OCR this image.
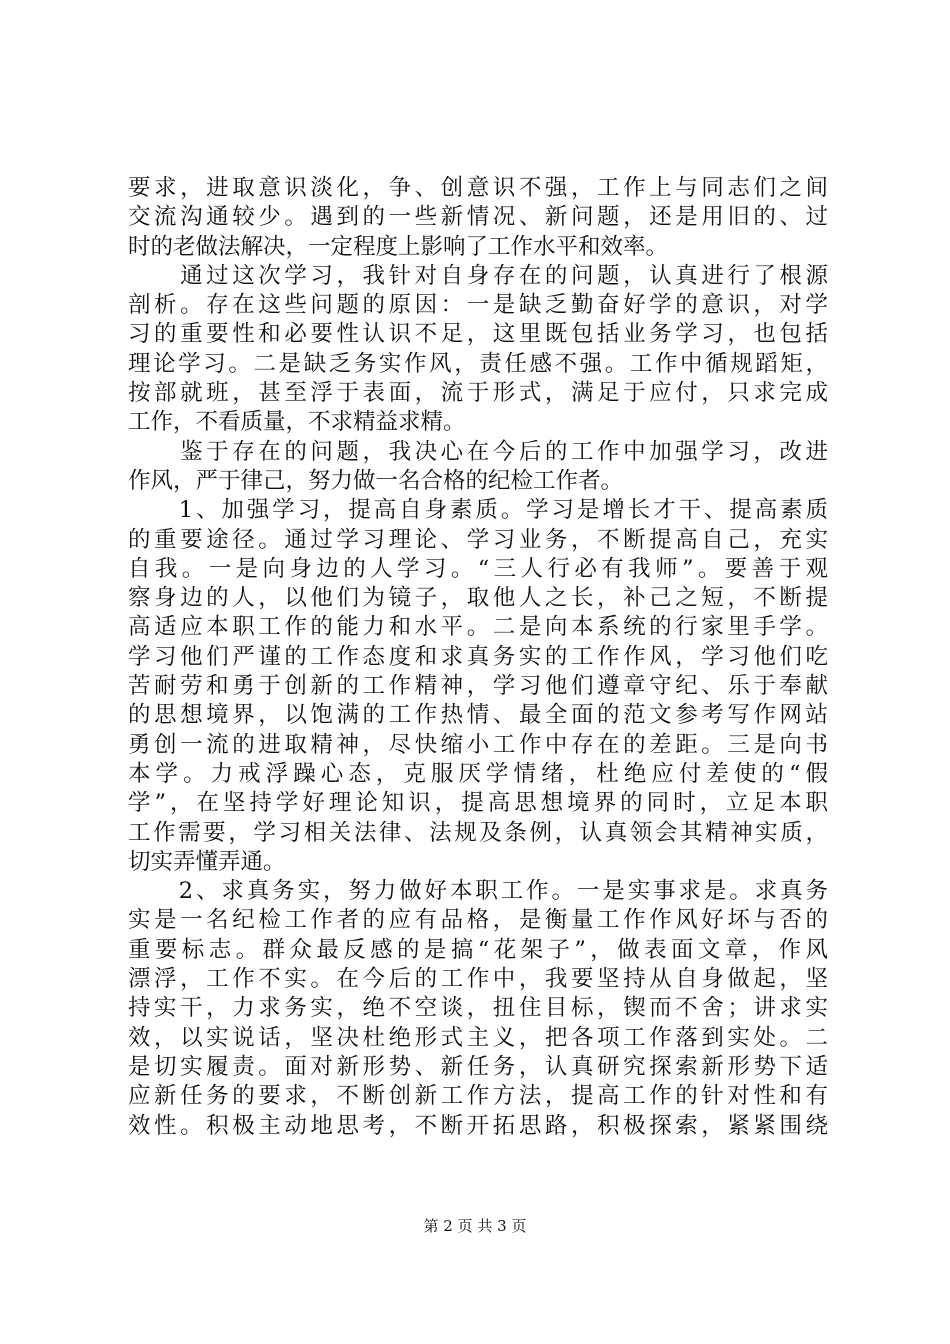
要求，进取意识淡化，争、创意识不强，工作上与同志们之间
交流沟通较少。遇到的一些新情况、新问题，还是用旧的、过
时的老做法解决，一定程度上影响了工作水平和效率。
　　通过这次学习，我针对自身存在的问题，认真进行了根源
剖析。存在这些问题的原因：一是缺乏勤奋好学的意识，对学
习的重要性和必要性认识不足，这里既包括业务学习，也包括
理论学习。二是缺乏务实作风，责任感不强。工作中循规蹈矩，
按部就班，甚至浮于表面，流于形式，满足于应付，只求完成
工作，不看质量，不求精益求精。
　　鉴于存在的问题，我决心在今后的工作中加强学习，改进
作风，严于律己，努力做一名合格的纪检工作者。
　　1、加强学习，提高自身素质。学习是增长才干、提高素质
的重要途径。通过学习理论、学习业务，不断提高自己，充实
自我。一是向身边的人学习。“三人行必有我师”。要善于观
察身边的人，以他们为镜子，取他人之长，补己之短，不断提
高适应本职工作的能力和水平。二是向本系统的行家里手学。
学习他们严谨的工作态度和求真务实的工作作风，学习他们吃
苦耐劳和勇于创新的工作精神，学习他们遵章守纪、乐于奉献
的思想境界，以饱满的工作热情、最全面的范文参考写作网站
勇创一流的进取精神，尽快缩小工作中存在的差距。三是向书
本学。力戒浮躁心态，克服厌学情绪，杜绝应付差使的“假
学”，在坚持学好理论知识，提高思想境界的同时，立足本职
工作需要，学习相关法律、法规及条例，认真领会其精神实质，
切实弄懂弄通。
　　2、求真务实，努力做好本职工作。一是实事求是。求真务
实是一名纪检工作者的应有品格，是衡量工作作风好坏与否的
重要标志。群众最反感的是搞“花架子”，做表面文章，作风
漂浮，工作不实。在今后的工作中，我要坚持从自身做起，坚
持实干，力求务实，绝不空谈，扭住目标，锲而不舍；讲求实
效，以实说话，坚决杜绝形式主义，把各项工作落到实处。二
是切实履责。面对新形势、新任务，认真研究探索新形势下适
应新任务的要求，不断创新工作方法，提高工作的针对性和有
效性。积极主动地思考，不断开拓思路，积极探索，紧紧围绕
第 2 页 共 3 页
